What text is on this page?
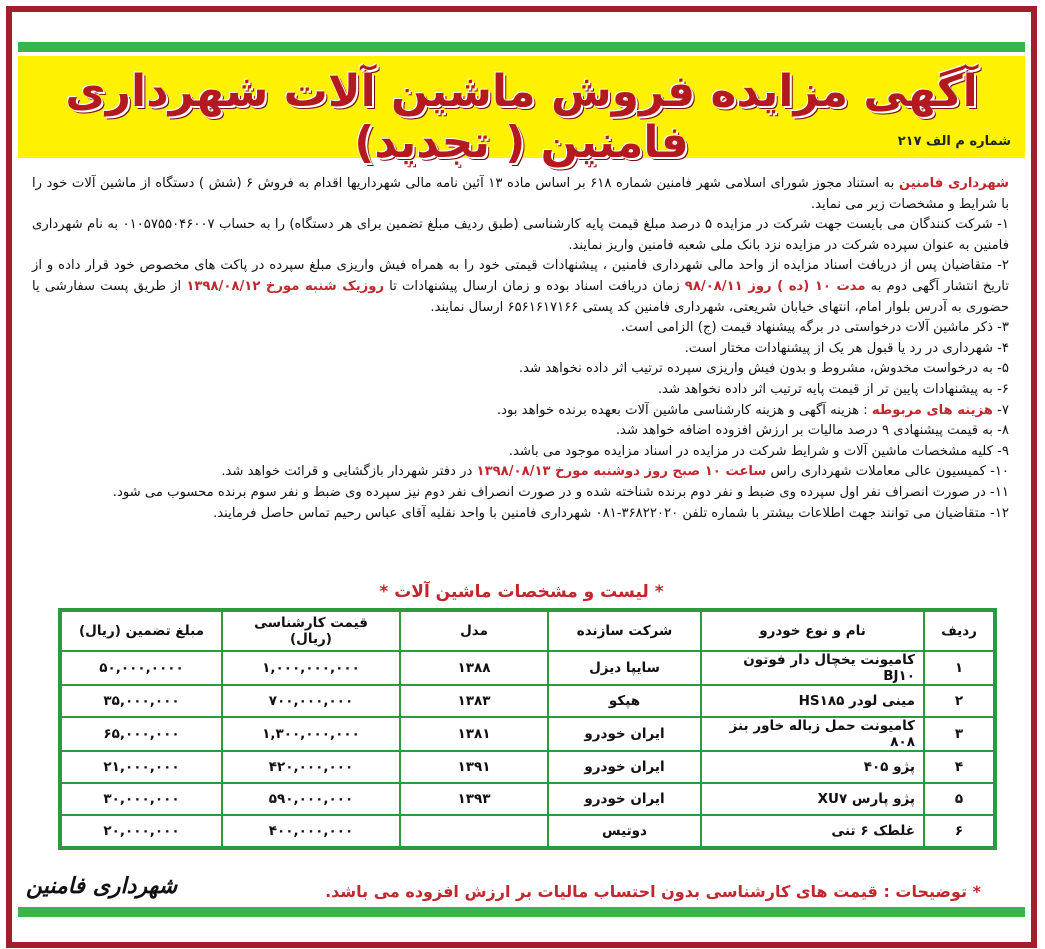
آگهی مزایده فروش ماشین آلات شهرداری فامنین ( تجدید)	شماره م الف ۲۱۷

شهرداری فامنین به استناد مجوز شورای اسلامی شهر فامنین شماره ۶۱۸ بر اساس ماده ۱۳ آئین نامه مالی شهرداریها اقدام به فروش ۶ (شش ) دستگاه از ماشین آلات خود را با شرایط و مشخصات زیر می نماید.

۱- شرکت کنندگان می بایست جهت شرکت در مزایده ۵ درصد مبلغ قیمت پایه کارشناسی (طبق ردیف مبلغ تضمین برای هر دستگاه) را به حساب ۰۱۰۵۷۵۵۰۴۶۰۰۷ به نام شهرداری فامنین به عنوان سپرده شرکت در مزایده نزد بانک ملی شعبه فامنین واریز نمایند.

۲- متقاضیان پس از دریافت اسناد مزایده از واحد مالی شهرداری فامنین ، پیشنهادات قیمتی خود را به همراه فیش واریزی مبلغ سپرده در پاکت های مخصوص خود قرار داده و از تاریخ انتشار آگهی دوم به مدت ۱۰ (ده ) روز ۹۸/۰۸/۱۱ زمان دریافت اسناد بوده و زمان ارسال پیشنهادات تا روزیک شنبه مورخ ۱۳۹۸/۰۸/۱۲ از طریق پست سفارشی یا حضوری به آدرس بلوار امام، انتهای خیابان شریعتی، شهرداری فامنین کد پستی ۶۵۶۱۶۱۷۱۶۶ ارسال نمایند.

۳- ذکر ماشین آلات درخواستی در برگه پیشنهاد قیمت (ج) الزامی است.

۴- شهرداری در رد یا قبول هر یک از پیشنهادات مختار است.

۵- به درخواست مخدوش، مشروط و بدون فیش واریزی سپرده ترتیب اثر داده نخواهد شد.

۶- به پیشنهادات پایین تر از قیمت پایه ترتیب اثر داده نخواهد شد.

۷- هزینه های مربوطه : هزینه آگهی و هزینه کارشناسی ماشین آلات بعهده برنده خواهد بود.

۸- به قیمت پیشنهادی ۹ درصد مالیات بر ارزش افزوده اضافه خواهد شد.

۹- کلیه مشخصات ماشین آلات و شرایط شرکت در مزایده در اسناد مزایده موجود می باشد.

۱۰- کمیسیون عالی معاملات شهرداری راس ساعت ۱۰ صبح روز دوشنبه مورخ ۱۳۹۸/۰۸/۱۳ در دفتر شهردار بازگشایی و قرائت خواهد شد.

۱۱- در صورت انصراف نفر اول سپرده وی ضبط و نفر دوم برنده شناخته شده و در صورت انصراف نفر دوم نیز سپرده وی ضبط و نفر سوم برنده محسوب می شود.

۱۲- متقاضیان می توانند جهت اطلاعات بیشتر با شماره تلفن ۳۶۸۲۲۰۲۰-۰۸۱ شهرداری فامنین با واحد نقلیه آقای عباس رحیم تماس حاصل فرمایند.

* لیست و مشخصات ماشین آلات *
ردیف	نام و نوع خودرو	شرکت سازنده	مدل	قیمت کارشناسی (ریال)	مبلغ تضمین (ریال)
۱	کامیونت یخچال دار فوتون BJ۱۰	سایپا دیزل	۱۳۸۸	۱,۰۰۰,۰۰۰,۰۰۰	۵۰,۰۰۰,۰۰۰۰
۲	مینی لودر HS۱۸۵	هپکو	۱۳۸۳	۷۰۰,۰۰۰,۰۰۰	۳۵,۰۰۰,۰۰۰
۳	کامیونت حمل زباله خاور بنز ۸۰۸	ایران خودرو	۱۳۸۱	۱,۳۰۰,۰۰۰,۰۰۰	۶۵,۰۰۰,۰۰۰
۴	پژو ۴۰۵	ایران خودرو	۱۳۹۱	۴۲۰,۰۰۰,۰۰۰	۲۱,۰۰۰,۰۰۰
۵	پژو پارس XU۷	ایران خودرو	۱۳۹۳	۵۹۰,۰۰۰,۰۰۰	۳۰,۰۰۰,۰۰۰
۶	غلطک ۶ تنی	دوتیس		۴۰۰,۰۰۰,۰۰۰	۲۰,۰۰۰,۰۰۰
* توضیحات : قیمت های کارشناسی بدون احتساب مالیات بر ارزش افزوده می باشد.
شهرداری فامنین
